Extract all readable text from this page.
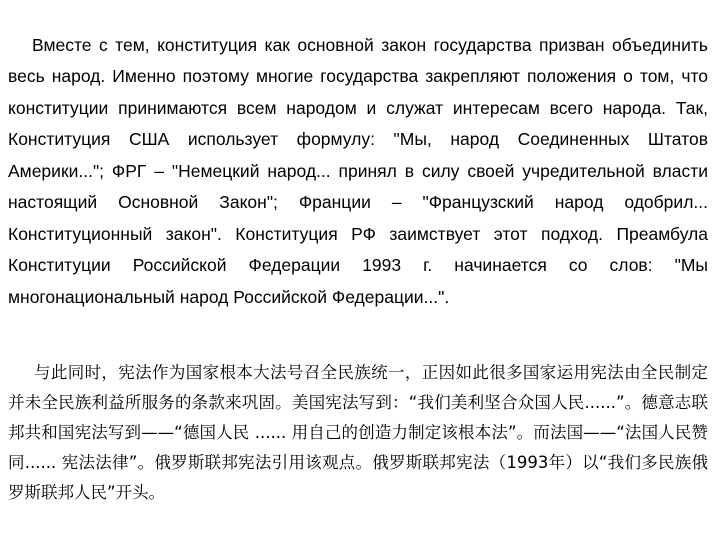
Вместе с тем, конституция как основной закон государства призван объединить весь народ. Именно поэтому многие государства закрепляют положения о том, что конституции принимаются всем народом и служат интересам всего народа. Так, Конституция США использует формулу: "Мы, народ Соединенных Штатов Америки..."; ФРГ – "Немецкий народ... принял в силу своей учредительной власти настоящий Основной Закон"; Франции – "Французский народ одобрил... Конституционный закон". Конституция РФ заимствует этот подход. Преамбула Конституции Российской Федерации 1993 г. начинается со слов: "Мы многонациональный народ Российской Федерации...".

与此同时，宪法作为国家根本大法号召全民族统一，正因如此很多国家运用宪法由全民制定并未全民族利益所服务的条款来巩固。美国宪法写到：“我们美利坚合众国人民......”。德意志联邦共和国宪法写到——“德国人民 ...... 用自己的创造力制定该根本法”。而法国——“法国人民赞同...... 宪法法律”。俄罗斯联邦宪法引用该观点。俄罗斯联邦宪法（1993年）以“我们多民族俄罗斯联邦人民”开头。
